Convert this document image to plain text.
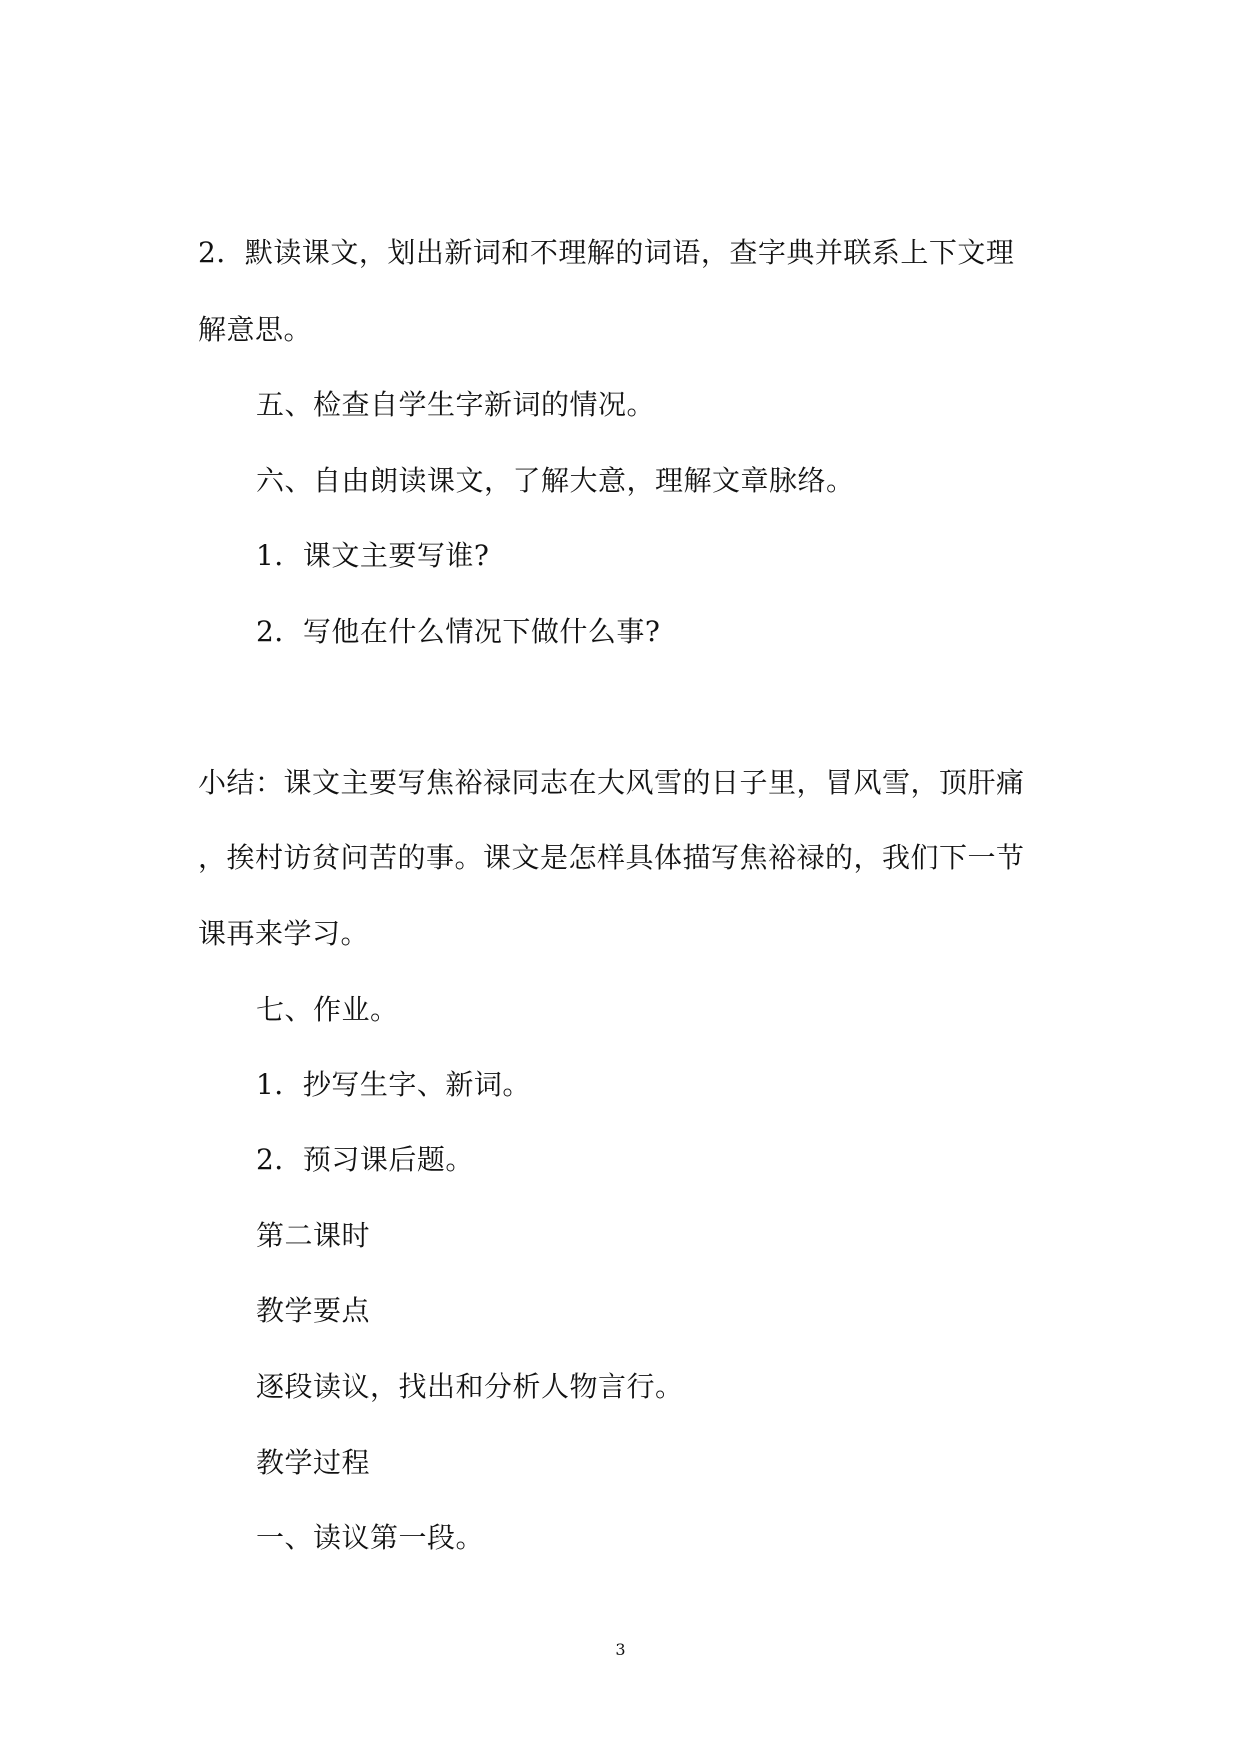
2．默读课文，划出新词和不理解的词语，查字典并联系上下文理

解意思。

五、检查自学生字新词的情况。

六、自由朗读课文，了解大意，理解文章脉络。

1．课文主要写谁?

2．写他在什么情况下做什么事?

小结：课文主要写焦裕禄同志在大风雪的日子里，冒风雪，顶肝痛

，挨村访贫问苦的事。课文是怎样具体描写焦裕禄的，我们下一节

课再来学习。

七、作业。

1．抄写生字、新词。

2．预习课后题。

第二课时

教学要点

逐段读议，找出和分析人物言行。

教学过程

一、读议第一段。

3
